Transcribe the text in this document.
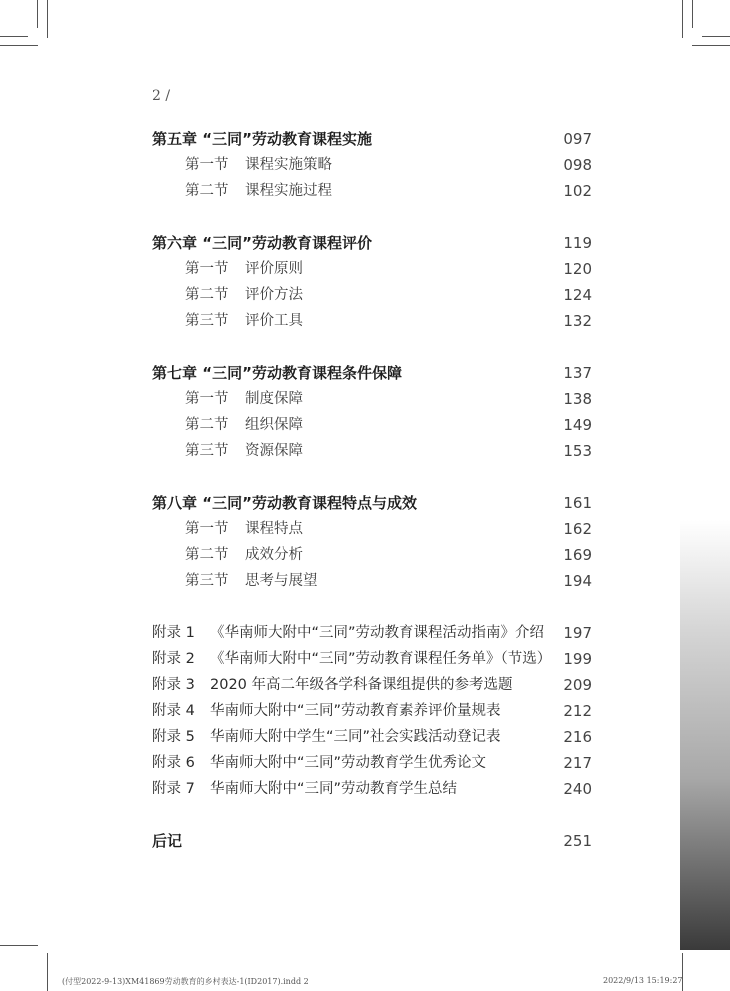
2 /
第五章 “三同”劳动教育课程实施	097
第一节 课程实施策略	098
第二节 课程实施过程	102
第六章 “三同”劳动教育课程评价	119
第一节 评价原则	120
第二节 评价方法	124
第三节 评价工具	132
第七章 “三同”劳动教育课程条件保障	137
第一节 制度保障	138
第二节 组织保障	149
第三节 资源保障	153
第八章 “三同”劳动教育课程特点与成效	161
第一节 课程特点	162
第二节 成效分析	169
第三节 思考与展望	194
附录 1 《华南师大附中“三同”劳动教育课程活动指南》介绍 197
附录 2 《华南师大附中“三同”劳动教育课程任务单》（节选） 199
附录 3 2020 年高二年级各学科备课组提供的参考选题	209
附录 4 华南师大附中“三同”劳动教育素养评价量规表	212
附录 5 华南师大附中学生“三同”社会实践活动登记表	216
附录 6 华南师大附中“三同”劳动教育学生优秀论文	217
附录 7 华南师大附中“三同”劳动教育学生总结	240
后记	251
(付型2022-9-13)XM41869劳动教育的乡村表达-1(ID2017).indd 2	2022/9/13 15:19:27
